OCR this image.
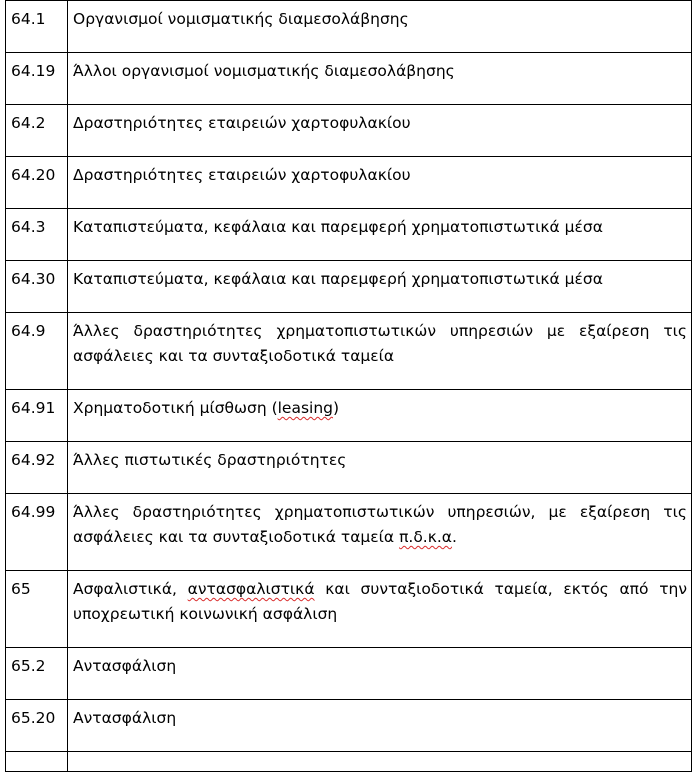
64.1	Οργανισμοί νομισματικής διαμεσολάβησης
64.19	Άλλοι οργανισμοί νομισματικής διαμεσολάβησης
64.2	Δραστηριότητες εταιρειών χαρτοφυλακίου
64.20	Δραστηριότητες εταιρειών χαρτοφυλακίου
64.3	Καταπιστεύματα, κεφάλαια και παρεμφερή χρηματοπιστωτικά μέσα
64.30	Καταπιστεύματα, κεφάλαια και παρεμφερή χρηματοπιστωτικά μέσα
64.9	Άλλες δραστηριότητες χρηματοπιστωτικών υπηρεσιών με εξαίρεση τις ασφάλειες και τα συνταξιοδοτικά ταμεία
64.91	Χρηματοδοτική μίσθωση (leasing)
64.92	Άλλες πιστωτικές δραστηριότητες
64.99	Άλλες δραστηριότητες χρηματοπιστωτικών υπηρεσιών, με εξαίρεση τις ασφάλειες και τα συνταξιοδοτικά ταμεία π.δ.κ.α.
65	Ασφαλιστικά, αντασφαλιστικά και συνταξιοδοτικά ταμεία, εκτός από την υποχρεωτική κοινωνική ασφάλιση
65.2	Αντασφάλιση
65.20	Αντασφάλιση
